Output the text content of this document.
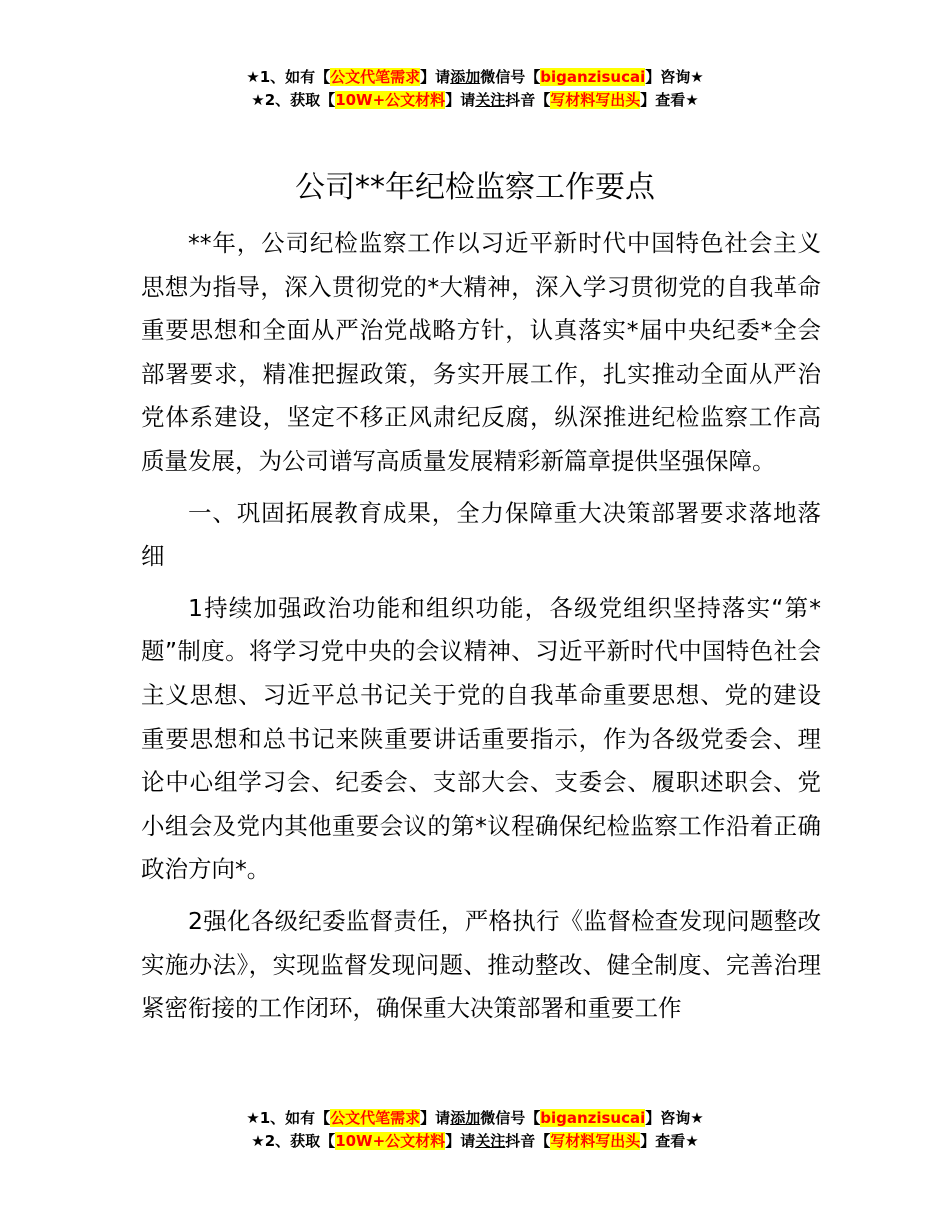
★1、如有【公文代笔需求】请添加微信号【biganzisucai】咨询★
★2、获取【10W+公文材料】请关注抖音【写材料写出头】查看★
公司**年纪检监察工作要点

**年，公司纪检监察工作以习近平新时代中国特色社会主义思想为指导，深入贯彻党的*大精神，深入学习贯彻党的自我革命重要思想和全面从严治党战略方针，认真落实*届中央纪委*全会部署要求，精准把握政策，务实开展工作，扎实推动全面从严治党体系建设，坚定不移正风肃纪反腐，纵深推进纪检监察工作高质量发展，为公司谱写高质量发展精彩新篇章提供坚强保障。

一、巩固拓展教育成果，全力保障重大决策部署要求落地落细

1持续加强政治功能和组织功能，各级党组织坚持落实“第*题”制度。将学习党中央的会议精神、习近平新时代中国特色社会主义思想、习近平总书记关于党的自我革命重要思想、党的建设重要思想和总书记来陕重要讲话重要指示，作为各级党委会、理论中心组学习会、纪委会、支部大会、支委会、履职述职会、党小组会及党内其他重要会议的第*议程确保纪检监察工作沿着正确政治方向*。

2强化各级纪委监督责任，严格执行《监督检查发现问题整改实施办法》，实现监督发现问题、推动整改、健全制度、完善治理紧密衔接的工作闭环，确保重大决策部署和重要工作

★1、如有【公文代笔需求】请添加微信号【biganzisucai】咨询★
★2、获取【10W+公文材料】请关注抖音【写材料写出头】查看★
